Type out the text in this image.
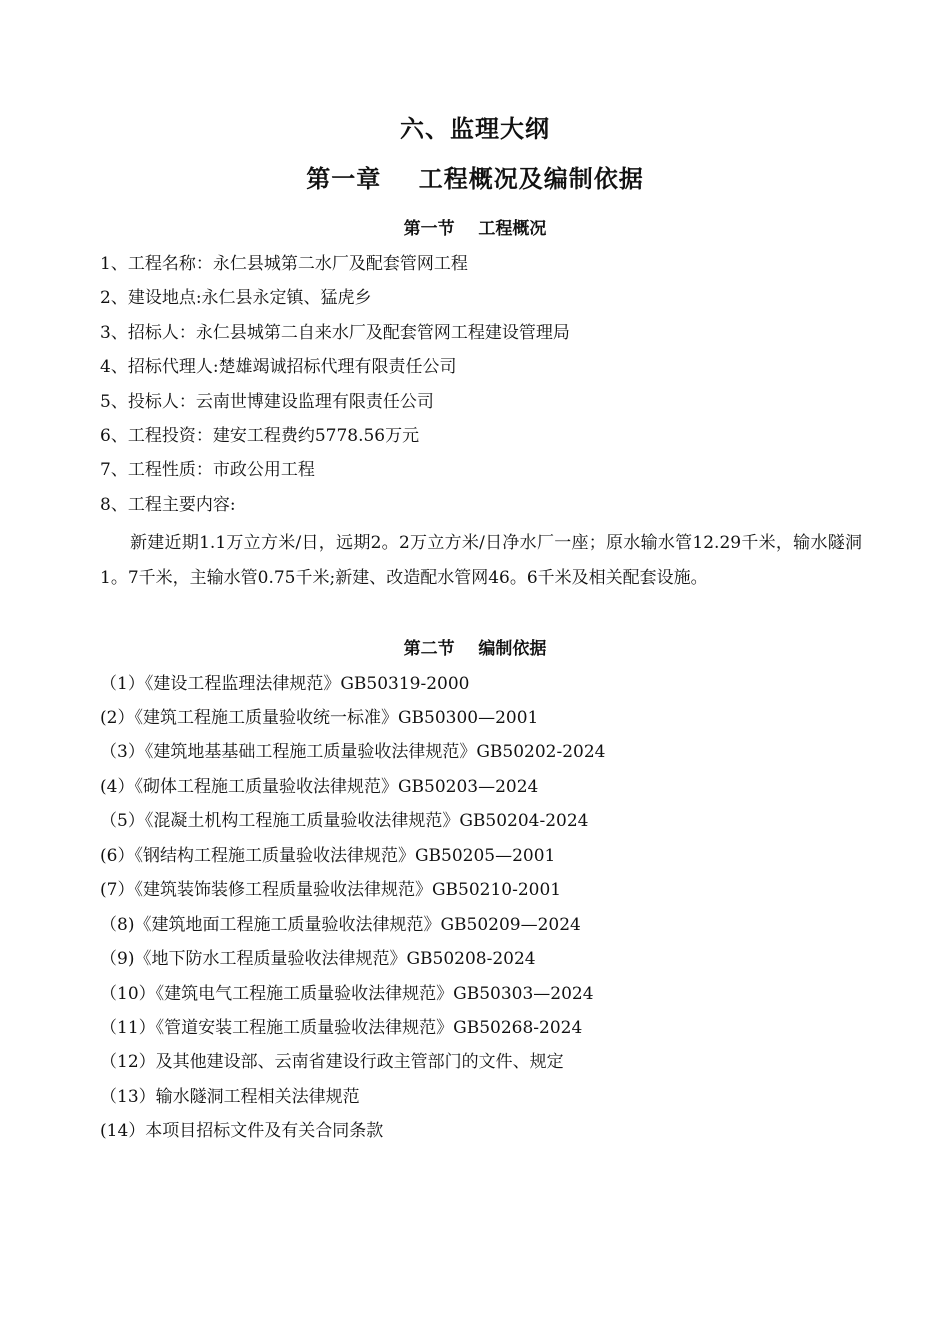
六、监理大纲
第一章    工程概况及编制依据
第一节    工程概况
1、工程名称：永仁县城第二水厂及配套管网工程
2、建设地点:永仁县永定镇、猛虎乡
3、招标人：永仁县城第二自来水厂及配套管网工程建设管理局
4、招标代理人:楚雄竭诚招标代理有限责任公司
5、投标人：云南世博建设监理有限责任公司
6、工程投资：建安工程费约5778.56万元
7、工程性质：市政公用工程
8、工程主要内容:
新建近期1.1万立方米/日，远期2。2万立方米/日净水厂一座；原水输水管12.29千米，输水隧洞1。7千米，主输水管0.75千米;新建、改造配水管网46。6千米及相关配套设施。
第二节    编制依据
（1）《建设工程监理法律规范》GB50319-2000
(2）《建筑工程施工质量验收统一标准》GB50300—2001
（3）《建筑地基基础工程施工质量验收法律规范》GB50202-2024
(4）《砌体工程施工质量验收法律规范》GB50203—2024
（5）《混凝土机构工程施工质量验收法律规范》GB50204-2024
(6）《钢结构工程施工质量验收法律规范》GB50205—2001
(7）《建筑装饰装修工程质量验收法律规范》GB50210-2001
（8)《建筑地面工程施工质量验收法律规范》GB50209—2024
（9)《地下防水工程质量验收法律规范》GB50208-2024
（10）《建筑电气工程施工质量验收法律规范》GB50303—2024
（11）《管道安装工程施工质量验收法律规范》GB50268-2024
（12）及其他建设部、云南省建设行政主管部门的文件、规定
（13）输水隧洞工程相关法律规范
(14）本项目招标文件及有关合同条款
